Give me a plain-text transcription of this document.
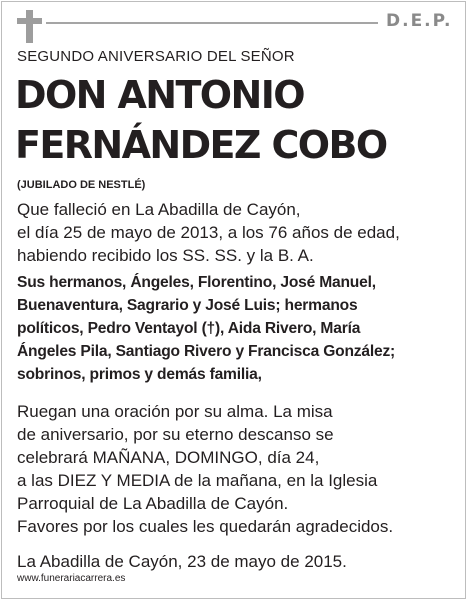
D.E.P.
SEGUNDO ANIVERSARIO DEL SEÑOR
DON ANTONIO
FERNÁNDEZ COBO
(JUBILADO DE NESTLÉ)
Que falleció en La Abadilla de Cayón,
el día 25 de mayo de 2013, a los 76 años de edad,
habiendo recibido los SS. SS. y la B. A.
Sus hermanos, Ángeles, Florentino, José Manuel,
Buenaventura, Sagrario y José Luis; hermanos
políticos, Pedro Ventayol (†), Aida Rivero, María
Ángeles Pila, Santiago Rivero y Francisca González;
sobrinos, primos y demás familia,
Ruegan una oración por su alma. La misa
de aniversario, por su eterno descanso se
celebrará MAÑANA, DOMINGO, día 24,
a las DIEZ Y MEDIA de la mañana, en la Iglesia
Parroquial de La Abadilla de Cayón.
Favores por los cuales les quedarán agradecidos.
La Abadilla de Cayón, 23 de mayo de 2015.
www.funerariacarrera.es
